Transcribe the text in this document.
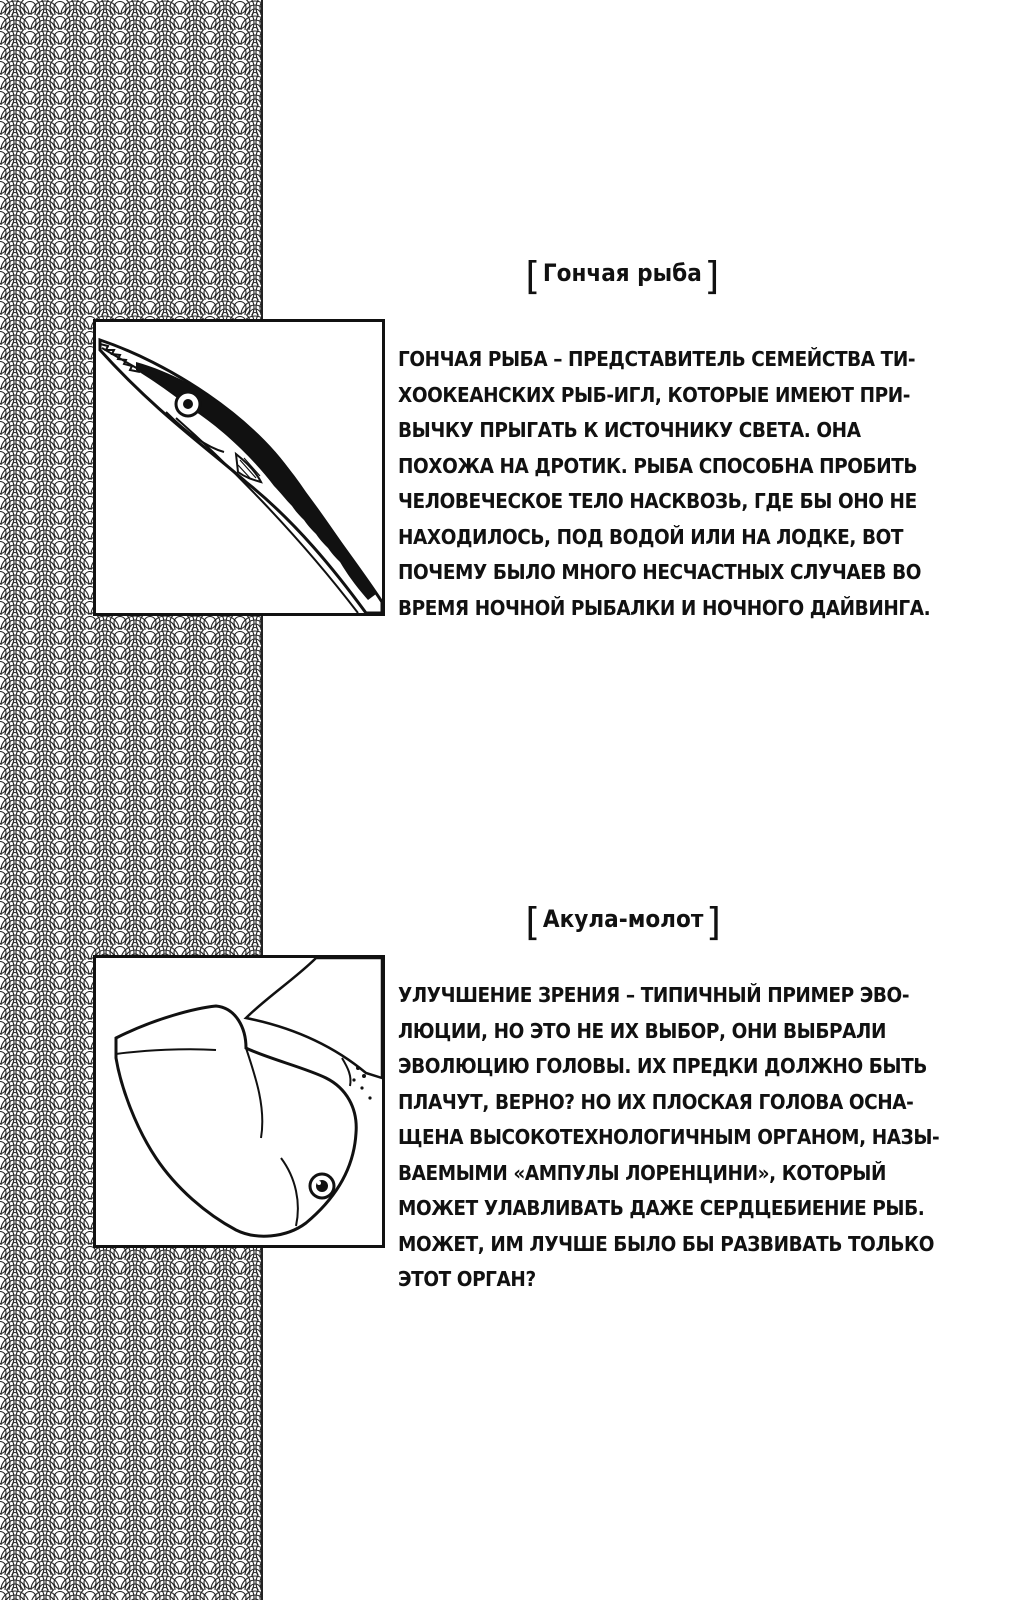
[Гончая рыба]

ГОНЧАЯ РЫБА – ПРЕДСТАВИТЕЛЬ СЕМЕЙСТВА ТИ-
ХООКЕАНСКИХ РЫБ-ИГЛ, КОТОРЫЕ ИМЕЮТ ПРИ-
ВЫЧКУ ПРЫГАТЬ К ИСТОЧНИКУ СВЕТА. ОНА
ПОХОЖА НА ДРОТИК. РЫБА СПОСОБНА ПРОБИТЬ
ЧЕЛОВЕЧЕСКОЕ ТЕЛО НАСКВОЗЬ, ГДЕ БЫ ОНО НЕ
НАХОДИЛОСЬ, ПОД ВОДОЙ ИЛИ НА ЛОДКЕ, ВОТ
ПОЧЕМУ БЫЛО МНОГО НЕСЧАСТНЫХ СЛУЧАЕВ ВО
ВРЕМЯ НОЧНОЙ РЫБАЛКИ И НОЧНОГО ДАЙВИНГА.

[Акула-молот]

УЛУЧШЕНИЕ ЗРЕНИЯ – ТИПИЧНЫЙ ПРИМЕР ЭВО-
ЛЮЦИИ, НО ЭТО НЕ ИХ ВЫБОР, ОНИ ВЫБРАЛИ
ЭВОЛЮЦИЮ ГОЛОВЫ. ИХ ПРЕДКИ ДОЛЖНО БЫТЬ
ПЛАЧУТ, ВЕРНО? НО ИХ ПЛОСКАЯ ГОЛОВА ОСНА-
ЩЕНА ВЫСОКОТЕХНОЛОГИЧНЫМ ОРГАНОМ, НАЗЫ-
ВАЕМЫМИ «АМПУЛЫ ЛОРЕНЦИНИ», КОТОРЫЙ
МОЖЕТ УЛАВЛИВАТЬ ДАЖЕ СЕРДЦЕБИЕНИЕ РЫБ.
МОЖЕТ, ИМ ЛУЧШЕ БЫЛО БЫ РАЗВИВАТЬ ТОЛЬКО
ЭТОТ ОРГАН?
